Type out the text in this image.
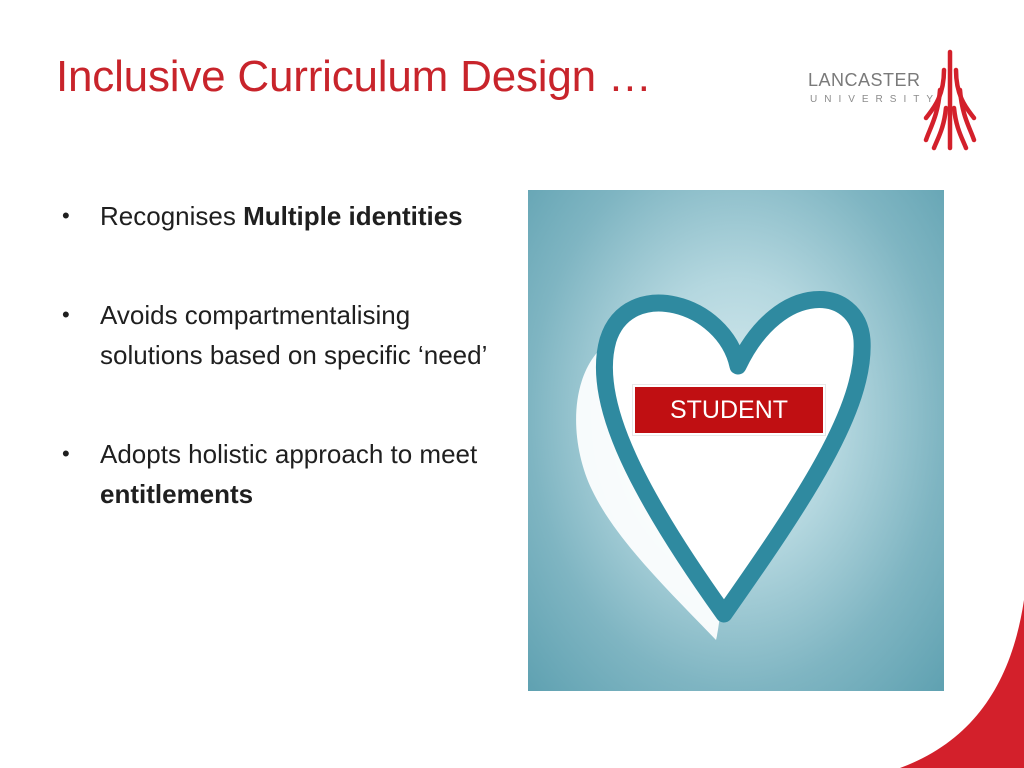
Inclusive Curriculum Design …	LANCASTER
UNIVERSITY
• Recognises Multiple identities
• Avoids compartmentalising solutions based on specific ‘need’
• Adopts holistic approach to meet entitlements
STUDENT
